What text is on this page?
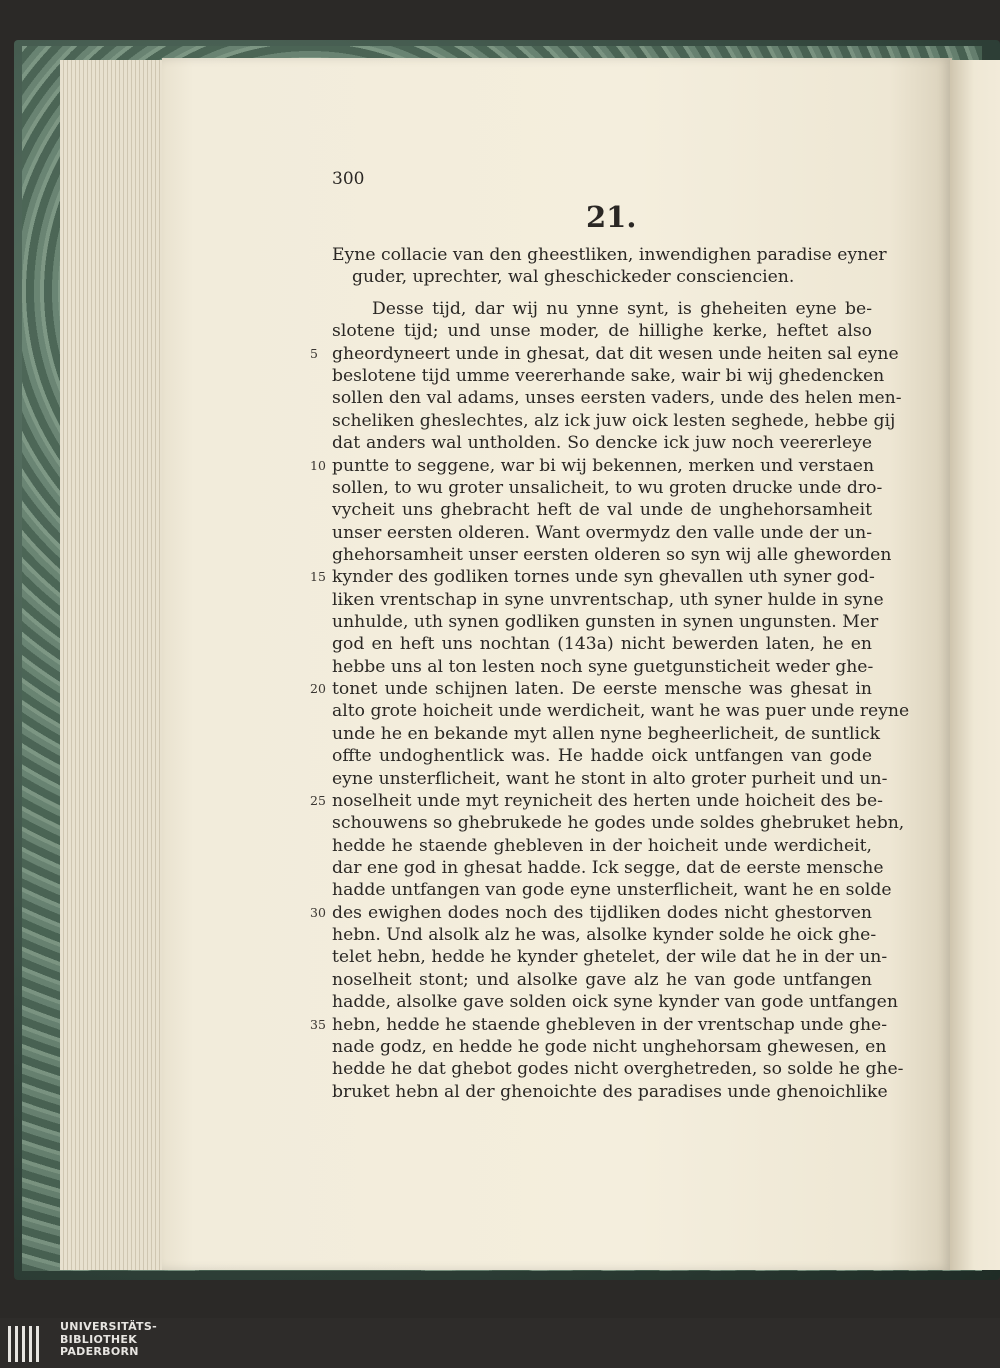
300
21.
Eyne collacie van den gheestliken, inwendighen paradise eyner
guder, uprechter, wal gheschickeder consciencien.
Desse tijd, dar wij nu ynne synt, is gheheiten eyne be-
slotene tijd; und unse moder, de hillighe kerke, heftet also
5 gheordyneert unde in ghesat, dat dit wesen unde heiten sal eyne
beslotene tijd umme veererhande sake, wair bi wij ghedencken
sollen den val adams, unses eersten vaders, unde des helen men-
scheliken gheslechtes, alz ick juw oick lesten seghede, hebbe gij
dat anders wal untholden. So dencke ick juw noch veererleye
10 puntte to seggene, war bi wij bekennen, merken und verstaen
sollen, to wu groter unsalicheit, to wu groten drucke unde dro-
vycheit uns ghebracht heft de val unde de unghehorsamheit
unser eersten olderen. Want overmydz den valle unde der un-
ghehorsamheit unser eersten olderen so syn wij alle gheworden
15 kynder des godliken tornes unde syn ghevallen uth syner god-
liken vrentschap in syne unvrentschap, uth syner hulde in syne
unhulde, uth synen godliken gunsten in synen ungunsten. Mer
god en heft uns nochtan (143a) nicht bewerden laten, he en
hebbe uns al ton lesten noch syne guetgunsticheit weder ghe-
20 tonet unde schijnen laten. De eerste mensche was ghesat in
alto grote hoicheit unde werdicheit, want he was puer unde reyne
unde he en bekande myt allen nyne begheerlicheit, de suntlick
offte undoghentlick was. He hadde oick untfangen van gode
eyne unsterflicheit, want he stont in alto groter purheit und un-
25 noselheit unde myt reynicheit des herten unde hoicheit des be-
schouwens so ghebrukede he godes unde soldes ghebruket hebn,
hedde he staende ghebleven in der hoicheit unde werdicheit,
dar ene god in ghesat hadde. Ick segge, dat de eerste mensche
hadde untfangen van gode eyne unsterflicheit, want he en solde
30 des ewighen dodes noch des tijdliken dodes nicht ghestorven
hebn. Und alsolk alz he was, alsolke kynder solde he oick ghe-
telet hebn, hedde he kynder ghetelet, der wile dat he in der un-
noselheit stont; und alsolke gave alz he van gode untfangen
hadde, alsolke gave solden oick syne kynder van gode untfangen
35 hebn, hedde he staende ghebleven in der vrentschap unde ghe-
nade godz, en hedde he gode nicht unghehorsam ghewesen, en
hedde he dat ghebot godes nicht overghetreden, so solde he ghe-
bruket hebn al der ghenoichte des paradises unde ghenoichlike
UNIVERSITÄTS-
BIBLIOTHEK
PADERBORN
